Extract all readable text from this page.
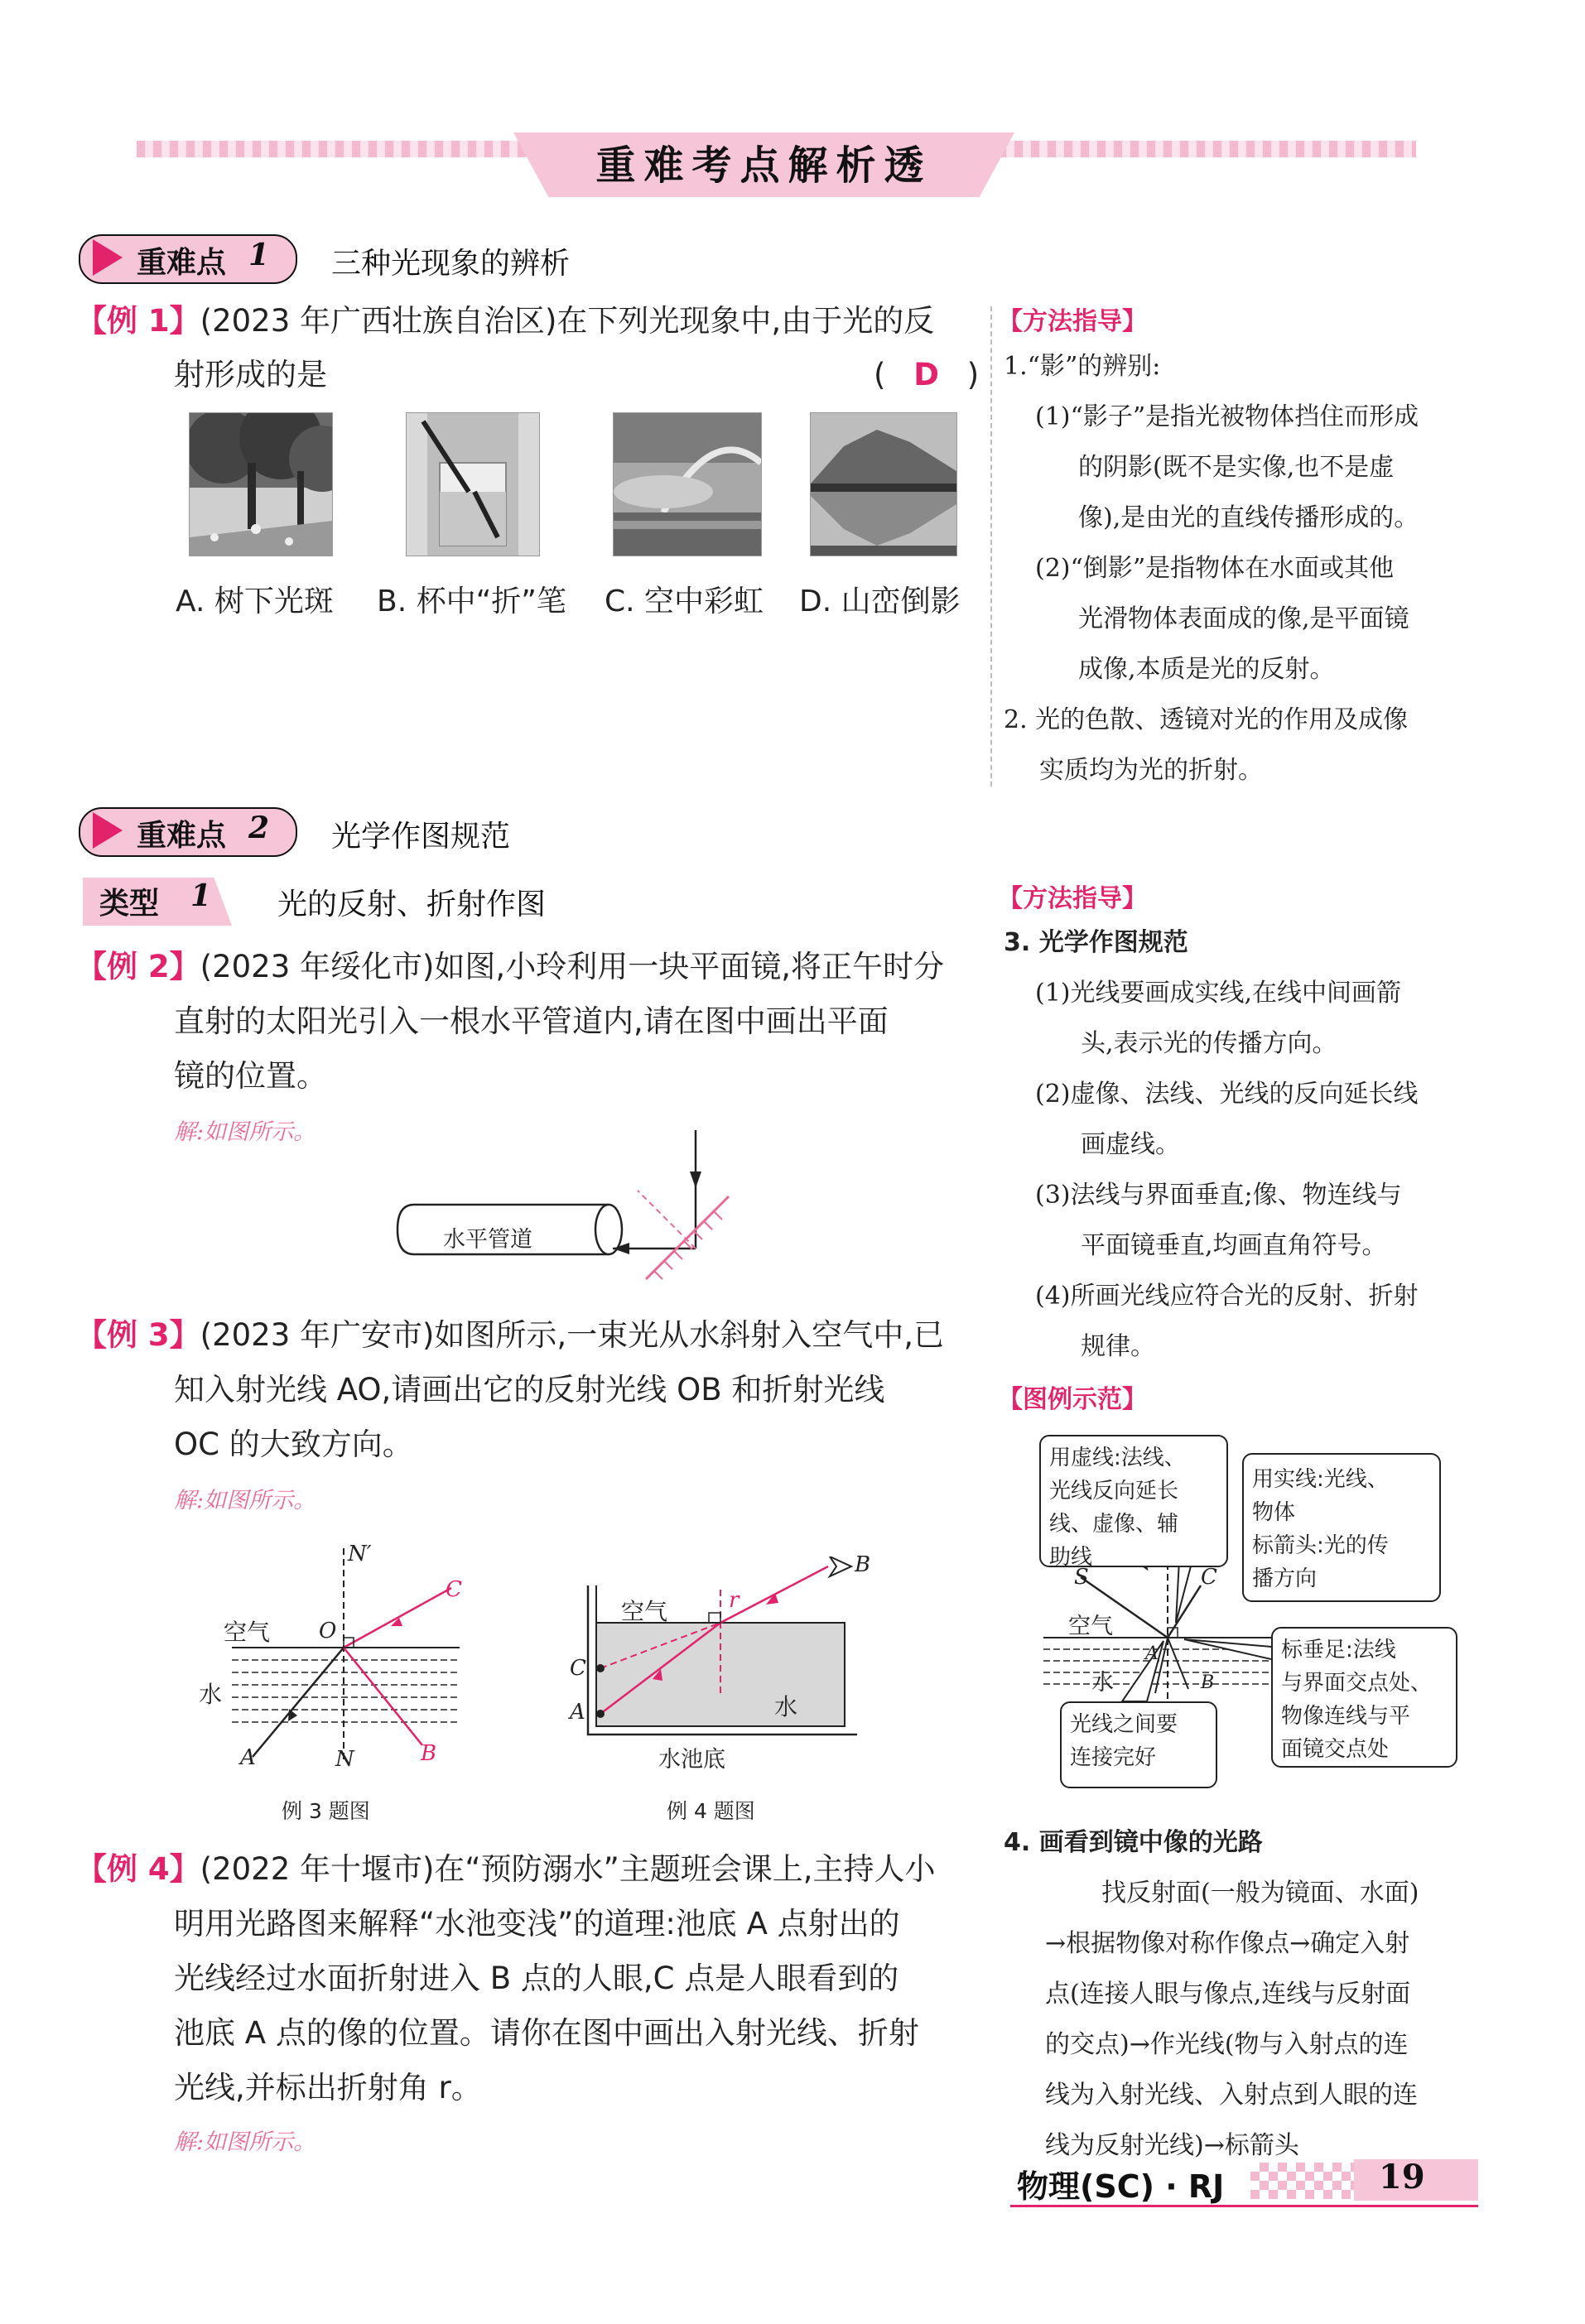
重难考点解析透
重难点 1 三种光现象的辨析
【例 1】(2023 年广西壮族自治区)在下列光现象中,由于光的反
射形成的是	( D )
A. 树下光斑 B. 杯中“折”笔 C. 空中彩虹 D. 山峦倒影
【方法指导】
1.“影”的辨别:
(1)“影子”是指光被物体挡住而形成
的阴影(既不是实像,也不是虚
像),是由光的直线传播形成的。
(2)“倒影”是指物体在水面或其他
光滑物体表面成的像,是平面镜
成像,本质是光的反射。
2. 光的色散、透镜对光的作用及成像
实质均为光的折射。
重难点 2 光学作图规范
类型 1 光的反射、折射作图
【例 2】(2023 年绥化市)如图,小玲利用一块平面镜,将正午时分
直射的太阳光引入一根水平管道内,请在图中画出平面
镜的位置。
解:如图所示。
水平管道
【例 3】(2023 年广安市)如图所示,一束光从水斜射入空气中,已
知入射光线 AO,请画出它的反射光线 OB 和折射光线
OC 的大致方向。
解:如图所示。
N′
C
空气 O
水
A	N	B
例 3 题图
B
空气	r
C
A	水
水池底
例 4 题图
【例 4】(2022 年十堰市)在“预防溺水”主题班会课上,主持人小
明用光路图来解释“水池变浅”的道理:池底 A 点射出的
光线经过水面折射进入 B 点的人眼,C 点是人眼看到的
池底 A 点的像的位置。请你在图中画出入射光线、折射
光线,并标出折射角 r。
解:如图所示。
【方法指导】
3. 光学作图规范
(1)光线要画成实线,在线中间画箭
头,表示光的传播方向。
(2)虚像、法线、光线的反向延长线
画虚线。
(3)法线与界面垂直;像、物连线与
平面镜垂直,均画直角符号。
(4)所画光线应符合光的反射、折射
规律。
【图例示范】
用虚线:法线、
光线反向延长
线、虚像、辅
助线
用实线:光线、
物体
标箭头:光的传
播方向
标垂足:法线
与界面交点处、
物像连线与平
面镜交点处
光线之间要
连接完好
S	C
空气
A
水	B
4. 画看到镜中像的光路
找反射面(一般为镜面、水面)
→根据物像对称作像点→确定入射
点(连接人眼与像点,连线与反射面
的交点)→作光线(物与入射点的连
线为入射光线、入射点到人眼的连
线为反射光线)→标箭头
物理(SC) · RJ	19
